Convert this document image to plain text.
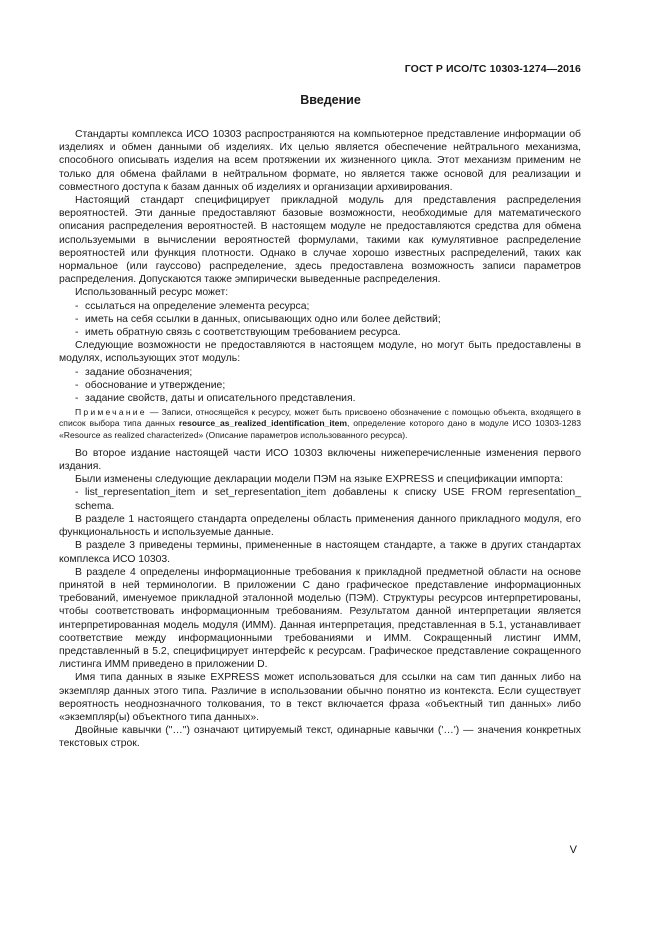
ГОСТ Р ИСО/ТС 10303-1274—2016
Введение

Стандарты комплекса ИСО 10303 распространяются на компьютерное представление информации об изделиях и обмен данными об изделиях. Их целью является обеспечение нейтрального механизма, способного описывать изделия на всем протяжении их жизненного цикла. Этот механизм применим не только для обмена файлами в нейтральном формате, но является также основой для реализации и совместного доступа к базам данных об изделиях и организации архивирования.

Настоящий стандарт специфицирует прикладной модуль для представления распределения вероятностей. Эти данные предоставляют базовые возможности, необходимые для математического описания распределения вероятностей. В настоящем модуле не предоставляются средства для обмена используемыми в вычислении вероятностей формулами, такими как кумулятивное распределение вероятностей или функция плотности. Однако в случае хорошо известных распределений, таких как нормальное (или гауссово) распределение, здесь предоставлена возможность записи параметров распределения. Допускаются также эмпирически выведенные распределения.

Использованный ресурс может:

- ссылаться на определение элемента ресурса;
- иметь на себя ссылки в данных, описывающих одно или более действий;
- иметь обратную связь с соответствующим требованием ресурса.

Следующие возможности не предоставляются в настоящем модуле, но могут быть предоставлены в модулях, использующих этот модуль:

- задание обозначения;
- обоснование и утверждение;
- задание свойств, даты и описательного представления.
Примечание — Записи, относящейся к ресурсу, может быть присвоено обозначение с помощью объекта, входящего в список выбора типа данных resource_as_realized_identification_item, определение которого дано в модуле ИСО 10303-1283 «Resource as realized characterized» (Описание параметров использованного ресурса).

Во второе издание настоящей части ИСО 10303 включены нижеперечисленные изменения первого издания.

Были изменены следующие декларации модели ПЭМ на языке EXPRESS и спецификации импорта:

- list_representation_item и set_representation_item добавлены к списку USE FROM representation_ schema.

В разделе 1 настоящего стандарта определены область применения данного прикладного модуля, его функциональность и используемые данные.

В разделе 3 приведены термины, примененные в настоящем стандарте, а также в других стандартах комплекса ИСО 10303.

В разделе 4 определены информационные требования к прикладной предметной области на основе принятой в ней терминологии. В приложении С дано графическое представление информационных требований, именуемое прикладной эталонной моделью (ПЭМ). Структуры ресурсов интерпретированы, чтобы соответствовать информационным требованиям. Результатом данной интерпретации является интерпретированная модель модуля (ИММ). Данная интерпретация, представленная в 5.1, устанавливает соответствие между информационными требованиями и ИММ. Сокращенный листинг ИММ, представленный в 5.2, специфицирует интерфейс к ресурсам. Графическое представление сокращенного листинга ИММ приведено в приложении D.

Имя типа данных в языке EXPRESS может использоваться для ссылки на сам тип данных либо на экземпляр данных этого типа. Различие в использовании обычно понятно из контекста. Если существует вероятность неоднозначного толкования, то в текст включается фраза «объектный тип данных» либо «экземпляр(ы) объектного типа данных».

Двойные кавычки ("…") означают цитируемый текст, одинарные кавычки ('…') — значения конкретных текстовых строк.

V
